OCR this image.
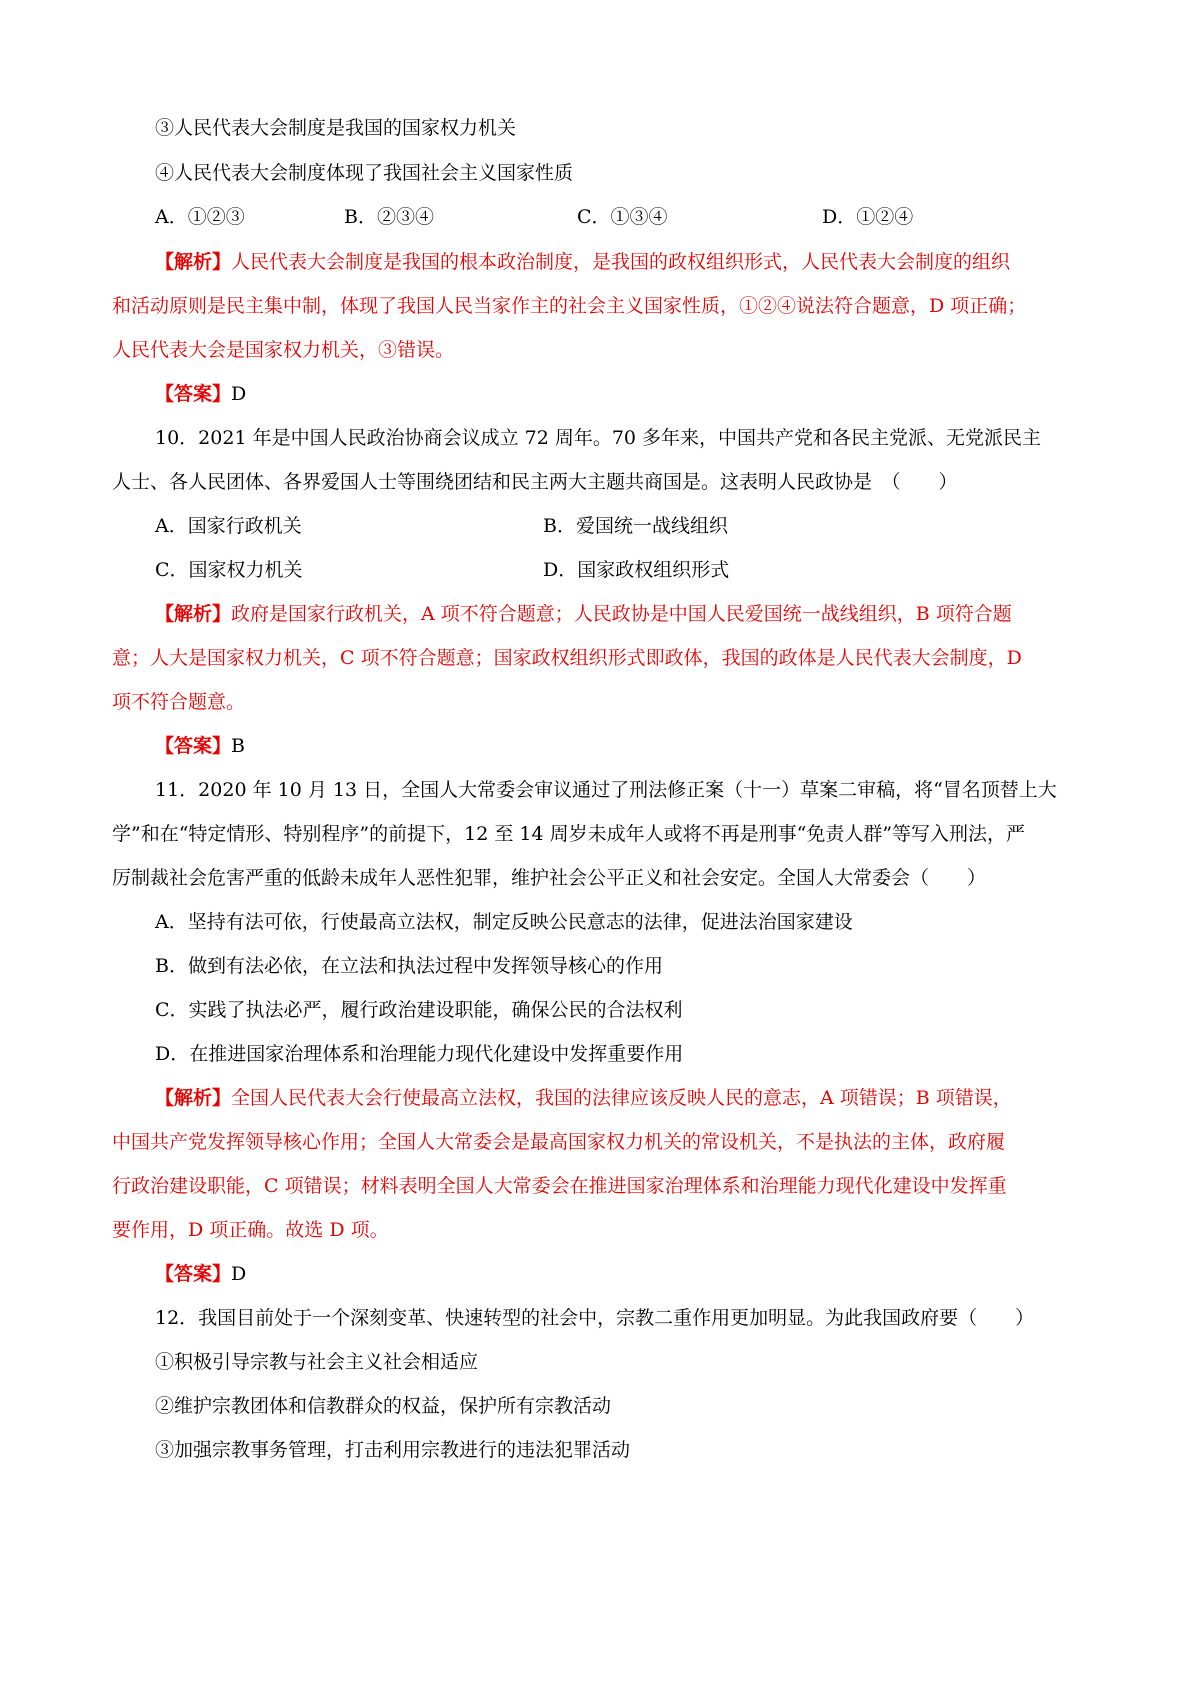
③人民代表大会制度是我国的国家权力机关
④人民代表大会制度体现了我国社会主义国家性质
A．①②③	B．②③④	C．①③④	D．①②④
【解析】人民代表大会制度是我国的根本政治制度，是我国的政权组织形式，人民代表大会制度的组织
和活动原则是民主集中制，体现了我国人民当家作主的社会主义国家性质，①②④说法符合题意，D 项正确；
人民代表大会是国家权力机关，③错误。
【答案】D
10．2021 年是中国人民政治协商会议成立 72 周年。70 多年来，中国共产党和各民主党派、无党派民主
人士、各人民团体、各界爱国人士等围绕团结和民主两大主题共商国是。这表明人民政协是　（　　）
A．国家行政机关	B．爱国统一战线组织
C．国家权力机关	D．国家政权组织形式
【解析】政府是国家行政机关，A 项不符合题意；人民政协是中国人民爱国统一战线组织，B 项符合题
意；人大是国家权力机关，C 项不符合题意；国家政权组织形式即政体，我国的政体是人民代表大会制度，D
项不符合题意。
【答案】B
11．2020 年 10 月 13 日，全国人大常委会审议通过了刑法修正案（十一）草案二审稿，将“冒名顶替上大
学”和在“特定情形、特别程序”的前提下，12 至 14 周岁未成年人或将不再是刑事“免责人群”等写入刑法，严
厉制裁社会危害严重的低龄未成年人恶性犯罪，维护社会公平正义和社会安定。全国人大常委会（　　）
A．坚持有法可依，行使最高立法权，制定反映公民意志的法律，促进法治国家建设
B．做到有法必依，在立法和执法过程中发挥领导核心的作用
C．实践了执法必严，履行政治建设职能，确保公民的合法权利
D．在推进国家治理体系和治理能力现代化建设中发挥重要作用
【解析】全国人民代表大会行使最高立法权，我国的法律应该反映人民的意志，A 项错误；B 项错误，
中国共产党发挥领导核心作用；全国人大常委会是最高国家权力机关的常设机关，不是执法的主体，政府履
行政治建设职能，C 项错误；材料表明全国人大常委会在推进国家治理体系和治理能力现代化建设中发挥重
要作用，D 项正确。故选 D 项。
【答案】D
12．我国目前处于一个深刻变革、快速转型的社会中，宗教二重作用更加明显。为此我国政府要（　　）
①积极引导宗教与社会主义社会相适应
②维护宗教团体和信教群众的权益，保护所有宗教活动
③加强宗教事务管理，打击利用宗教进行的违法犯罪活动
